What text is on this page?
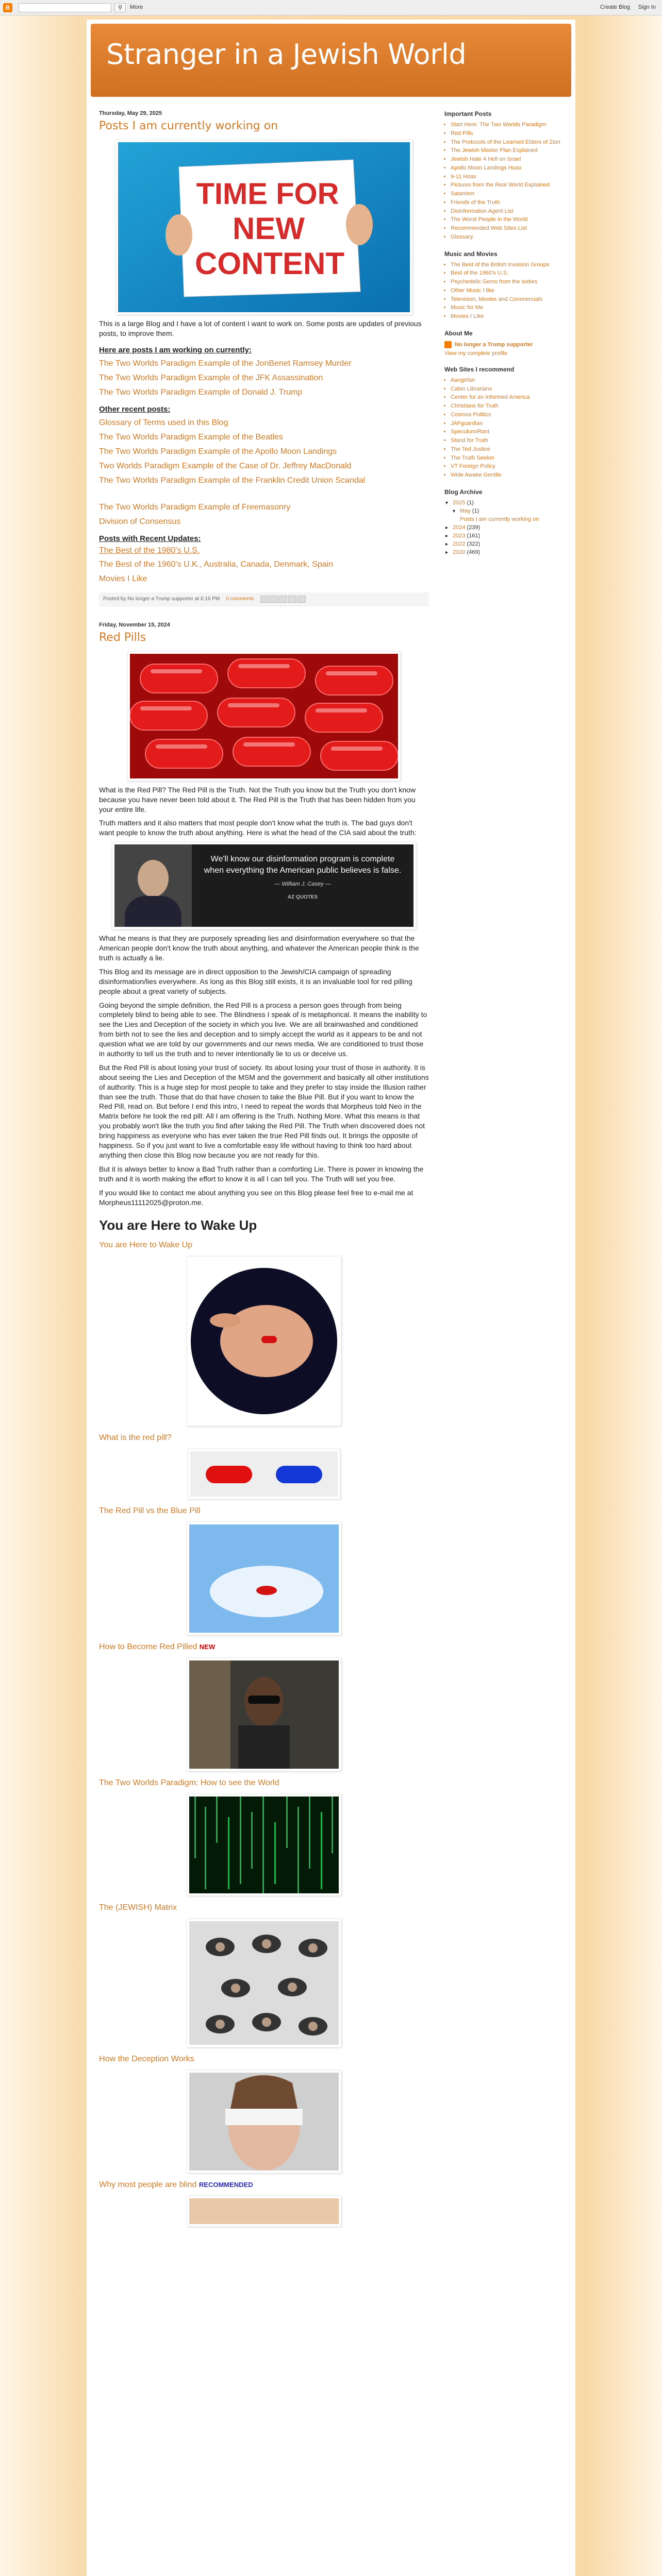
B	⚲	More	Create Blog Sign In
Stranger in a Jewish World
Thursday, May 29, 2025
Posts I am currently working on
TIME FOR
NEW
CONTENT

This is a large Blog and I have a lot of content I want to work on. Some posts are updates of previous posts, to improve them.

Here are posts I am working on currently:
The Two Worlds Paradigm Example of the JonBenet Ramsey Murder
The Two Worlds Paradigm Example of the JFK Assassination
The Two Worlds Paradigm Example of Donald J. Trump
Other recent posts:
Glossary of Terms used in this Blog
The Two Worlds Paradigm Example of the Beatles
The Two Worlds Paradigm Example of the Apollo Moon Landings
Two Worlds Paradigm Example of the Case of Dr. Jeffrey MacDonald
The Two Worlds Paradigm Example of the Franklin Credit Union Scandal
The Two Worlds Paradigm Example of Freemasonry
Division of Consensus
Posts with Recent Updates:
The Best of the 1980's U.S.
The Best of the 1960's U.K., Australia, Canada, Denmark, Spain
Movies I Like
Posted by No longer a Trump supporter at 6:16 PM 0 comments
Friday, November 15, 2024
Red Pills

What is the Red Pill? The Red Pill is the Truth. Not the Truth you know but the Truth you don't know because you have never been told about it. The Red Pill is the Truth that has been hidden from you your entire life.

Truth matters and it also matters that most people don't know what the truth is. The bad guys don't want people to know the truth about anything. Here is what the head of the CIA said about the truth:

We'll know our disinformation program is complete when everything the American public believes is false.
— William J. Casey —
AZ QUOTES

What he means is that they are purposely spreading lies and disinformation everywhere so that the American people don't know the truth about anything, and whatever the American people think is the truth is actually a lie.

This Blog and its message are in direct opposition to the Jewish/CIA campaign of spreading disinformation/lies everywhere. As long as this Blog still exists, it is an invaluable tool for red pilling people about a great variety of subjects.

Going beyond the simple definition, the Red Pill is a process a person goes through from being completely blind to being able to see. The Blindness I speak of is metaphorical. It means the inability to see the Lies and Deception of the society in which you live. We are all brainwashed and conditioned from birth not to see the lies and deception and to simply accept the world as it appears to be and not question what we are told by our governments and our news media. We are conditioned to trust those in authority to tell us the truth and to never intentionally lie to us or deceive us.

But the Red Pill is about losing your trust of society. Its about losing your trust of those in authority. It is about seeing the Lies and Deception of the MSM and the government and basically all other institutions of authority. This is a huge step for most people to take and they prefer to stay inside the Illusion rather than see the truth. Those that do that have chosen to take the Blue Pill. But if you want to know the Red Pill, read on. But before I end this intro, I need to repeat the words that Morpheus told Neo in the Matrix before he took the red pill: All I am offering is the Truth. Nothing More. What this means is that you probably won't like the truth you find after taking the Red Pill. The Truth when discovered does not bring happiness as everyone who has ever taken the true Red Pill finds out. It brings the opposite of happiness. So if you just want to live a comfortable easy life without having to think too hard about anything then close this Blog now because you are not ready for this.

But it is always better to know a Bad Truth rather than a comforting Lie. There is power in knowing the truth and it is worth making the effort to know it is all I can tell you. The Truth will set you free.

If you would like to contact me about anything you see on this Blog please feel free to e-mail me at Morpheus11112025@proton.me.

You are Here to Wake Up
You are Here to Wake Up
What is the red pill?
The Red Pill vs the Blue Pill
How to Become Red Pilled NEW
The Two Worlds Paradigm: How to see the World
The (JEWISH) Matrix
How the Deception Works
Why most people are blind RECOMMENDED
Important Posts
• Start Here: The Two Worlds Paradigm
• Red Pills
• The Protocols of the Learned Elders of Zion
• The Jewish Master Plan Explained
• Jewish Hate 4 Hell on Israel
• Apollo Moon Landings Hoax
• 9-11 Hoax
• Pictures from the Real World Explained
• Satanism
• Friends of the Truth
• Disinformation Agent List
• The Worst People in the World
• Recommended Web Sites List
• Glossary
Music and Movies
• The Best of the British Invasion Groups
• Best of the 1960's U.S.
• Psychedelic Gems from the sixties
• Other Music I like
• Television, Movies and Commercials
• Music for Me
• Movies I Like
About Me
No longer a Trump supporter
View my complete profile
Web Sites I recommend
• Aangirfan
• Cabin Librarians
• Center for an Informed America
• Christians for Truth
• Cosmos Politics
• JAFguardian
• Speculum/Rant
• Stand for Truth
• The Ted Justice
• The Truth Seeker
• VT Foreign Policy
• Wide Awake Gentile
Blog Archive
▼ 2025 (1)
▼ May (1)
Posts I am currently working on
► 2024 (239)
► 2023 (161)
► 2022 (322)
► 2020 (469)
